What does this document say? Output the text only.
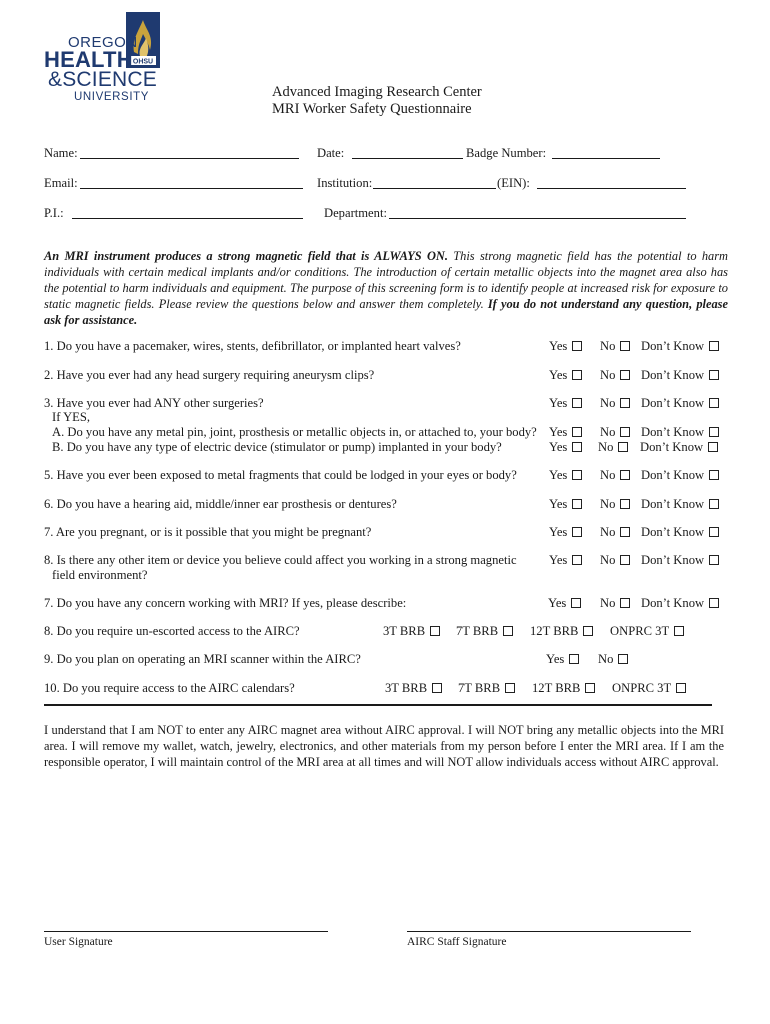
OHSU
OREGON
HEALTH
&SCIENCE
UNIVERSITY	Advanced Imaging Research Center
MRI Worker Safety Questionnaire
Name:	Date:	Badge Number:
Email:	Institution:	(EIN):
P.I.:	Department:
An MRI instrument produces a strong magnetic field that is ALWAYS ON. This strong magnetic field has the potential to harm individuals with certain medical implants and/or conditions. The introduction of certain metallic objects into the magnet area also has the potential to harm individuals and equipment. The purpose of this screening form is to identify people at increased risk for exposure to static magnetic fields. Please review the questions below and answer them completely. If you do not understand any question, please ask for assistance.
1. Do you have a pacemaker, wires, stents, defibrillator, or implanted heart valves?	Yes	No	Don’t Know
2. Have you ever had any head surgery requiring aneurysm clips?	Yes	No	Don’t Know
3. Have you ever had ANY other surgeries?	Yes	No	Don’t Know
If YES,
A. Do you have any metal pin, joint, prosthesis or metallic objects in, or attached to, your body? Yes	No	Don’t Know
B. Do you have any type of electric device (stimulator or pump) implanted in your body?	Yes	No	Don’t Know
5. Have you ever been exposed to metal fragments that could be lodged in your eyes or body?	Yes	No	Don’t Know
6. Do you have a hearing aid, middle/inner ear prosthesis or dentures?	Yes	No	Don’t Know
7. Are you pregnant, or is it possible that you might be pregnant?	Yes	No	Don’t Know
8. Is there any other item or device you believe could affect you working in a strong magnetic
field environment?
Yes	No	Don’t Know
7. Do you have any concern working with MRI? If yes, please describe:	Yes	No	Don’t Know
8. Do you require un-escorted access to the AIRC?	3T BRB	7T BRB	12T BRB	ONPRC 3T
9. Do you plan on operating an MRI scanner within the AIRC?	Yes	No
10. Do you require access to the AIRC calendars?	3T BRB	7T BRB	12T BRB	ONPRC 3T
I understand that I am NOT to enter any AIRC magnet area without AIRC approval. I will NOT bring any metallic objects into the MRI area. I will remove my wallet, watch, jewelry, electronics, and other materials from my person before I enter the MRI area. If I am the responsible operator, I will maintain control of the MRI area at all times and will NOT allow individuals access without AIRC approval.
User Signature	AIRC Staff Signature
